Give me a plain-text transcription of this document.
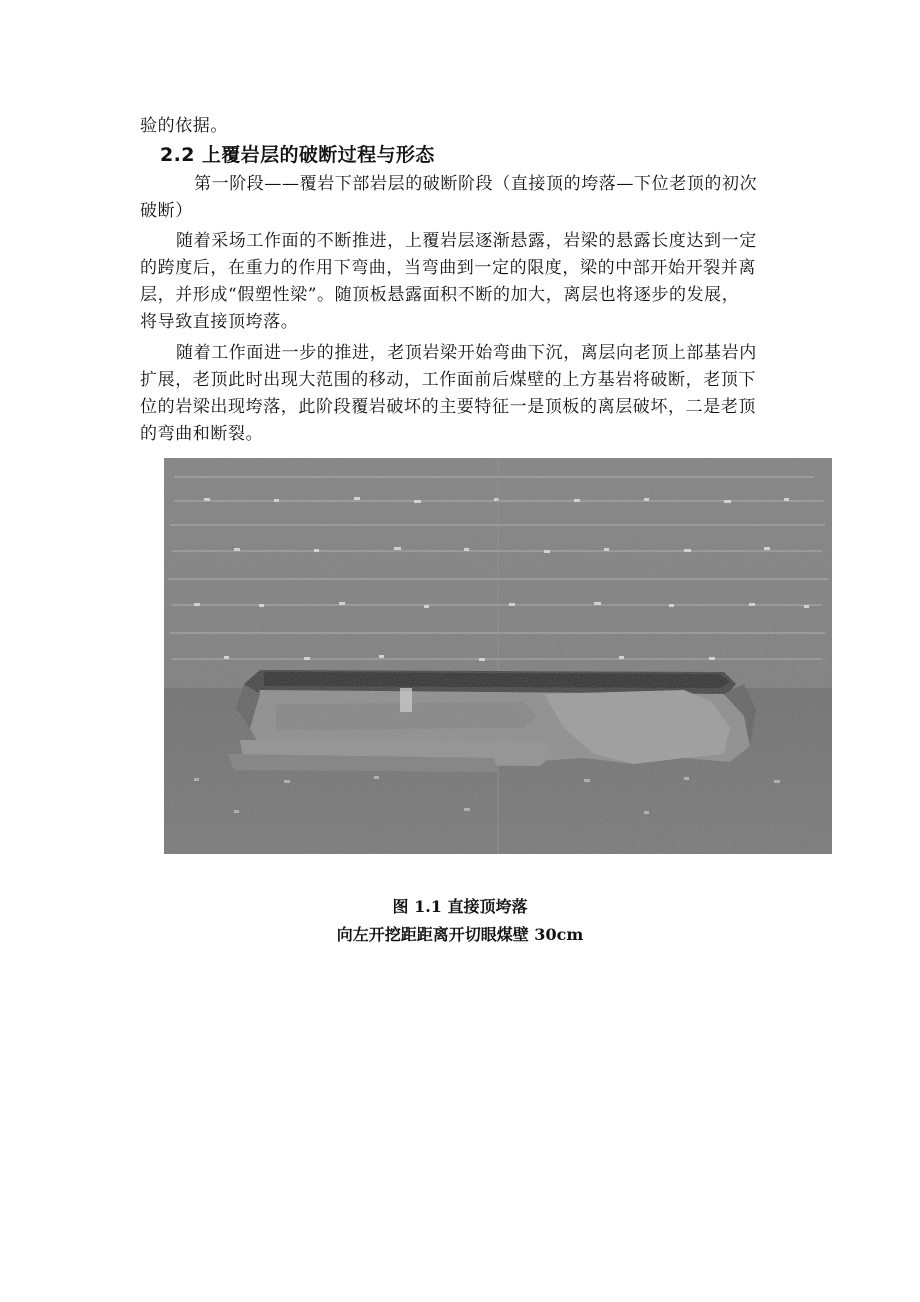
验的依据。
2.2 上覆岩层的破断过程与形态
第一阶段——覆岩下部岩层的破断阶段（直接顶的垮落—下位老顶的初次
破断）
随着采场工作面的不断推进，上覆岩层逐渐悬露，岩梁的悬露长度达到一定
的跨度后，在重力的作用下弯曲，当弯曲到一定的限度，梁的中部开始开裂并离
层，并形成“假塑性梁”。随顶板悬露面积不断的加大，离层也将逐步的发展，
将导致直接顶垮落。
随着工作面进一步的推进，老顶岩梁开始弯曲下沉，离层向老顶上部基岩内
扩展，老顶此时出现大范围的移动，工作面前后煤壁的上方基岩将破断，老顶下
位的岩梁出现垮落，此阶段覆岩破坏的主要特征一是顶板的离层破坏，二是老顶
的弯曲和断裂。
图 1.1 直接顶垮落
向左开挖距距离开切眼煤壁 30cm
